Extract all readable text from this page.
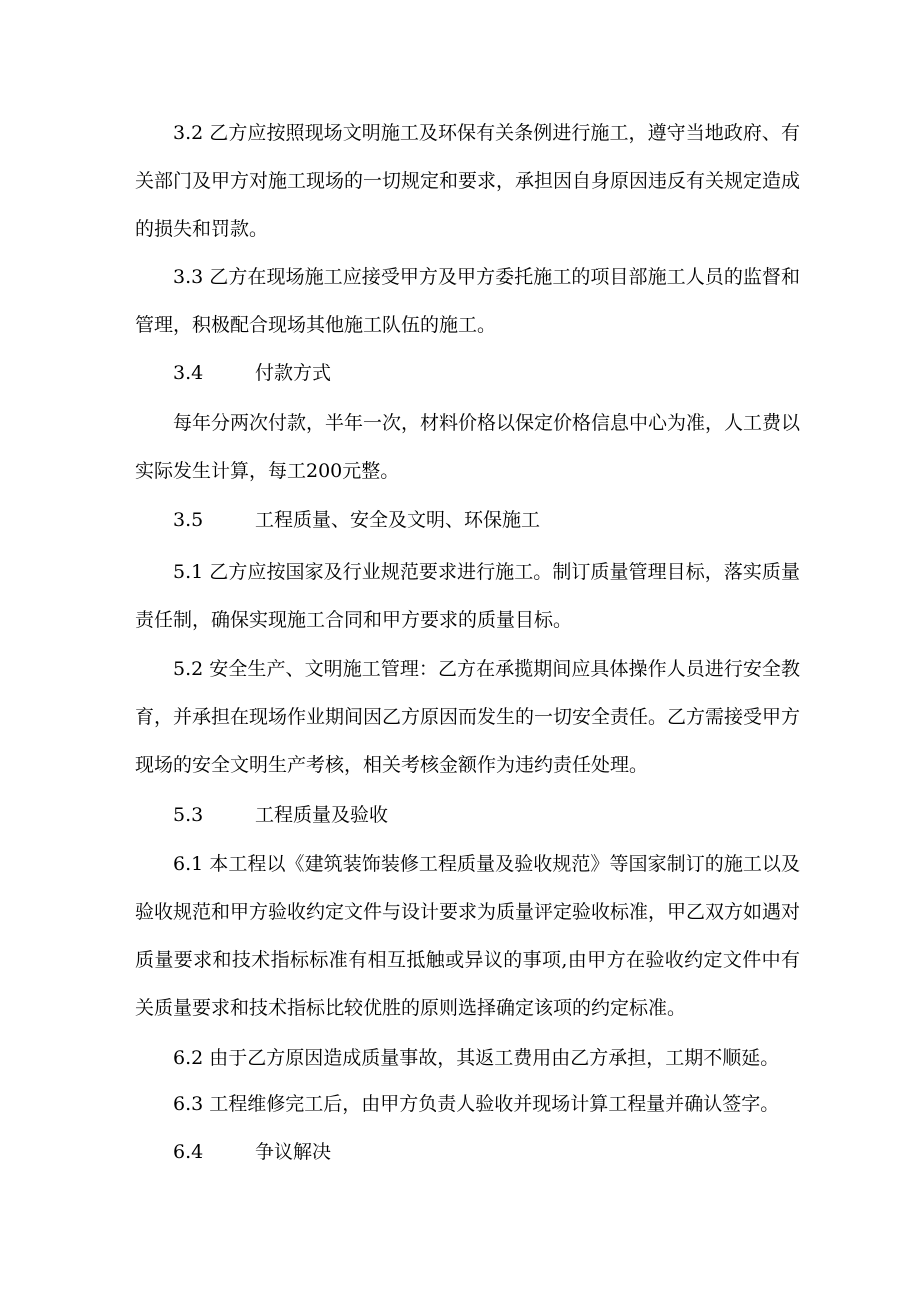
3.2 乙方应按照现场文明施工及环保有关条例进行施工，遵守当地政府、有关部门及甲方对施工现场的一切规定和要求，承担因自身原因违反有关规定造成的损失和罚款。

3.3 乙方在现场施工应接受甲方及甲方委托施工的项目部施工人员的监督和管理，积极配合现场其他施工队伍的施工。

3.4	付款方式

每年分两次付款，半年一次，材料价格以保定价格信息中心为准，人工费以实际发生计算，每工200元整。

3.5	工程质量、安全及文明、环保施工

5.1 乙方应按国家及行业规范要求进行施工。制订质量管理目标，落实质量责任制，确保实现施工合同和甲方要求的质量目标。

5.2 安全生产、文明施工管理：乙方在承揽期间应具体操作人员进行安全教育，并承担在现场作业期间因乙方原因而发生的一切安全责任。乙方需接受甲方现场的安全文明生产考核，相关考核金额作为违约责任处理。

5.3	工程质量及验收

6.1 本工程以《建筑装饰装修工程质量及验收规范》等国家制订的施工以及验收规范和甲方验收约定文件与设计要求为质量评定验收标准，甲乙双方如遇对质量要求和技术指标标准有相互抵触或异议的事项,由甲方在验收约定文件中有关质量要求和技术指标比较优胜的原则选择确定该项的约定标准。

6.2 由于乙方原因造成质量事故，其返工费用由乙方承担，工期不顺延。

6.3 工程维修完工后，由甲方负责人验收并现场计算工程量并确认签字。

6.4	争议解决
